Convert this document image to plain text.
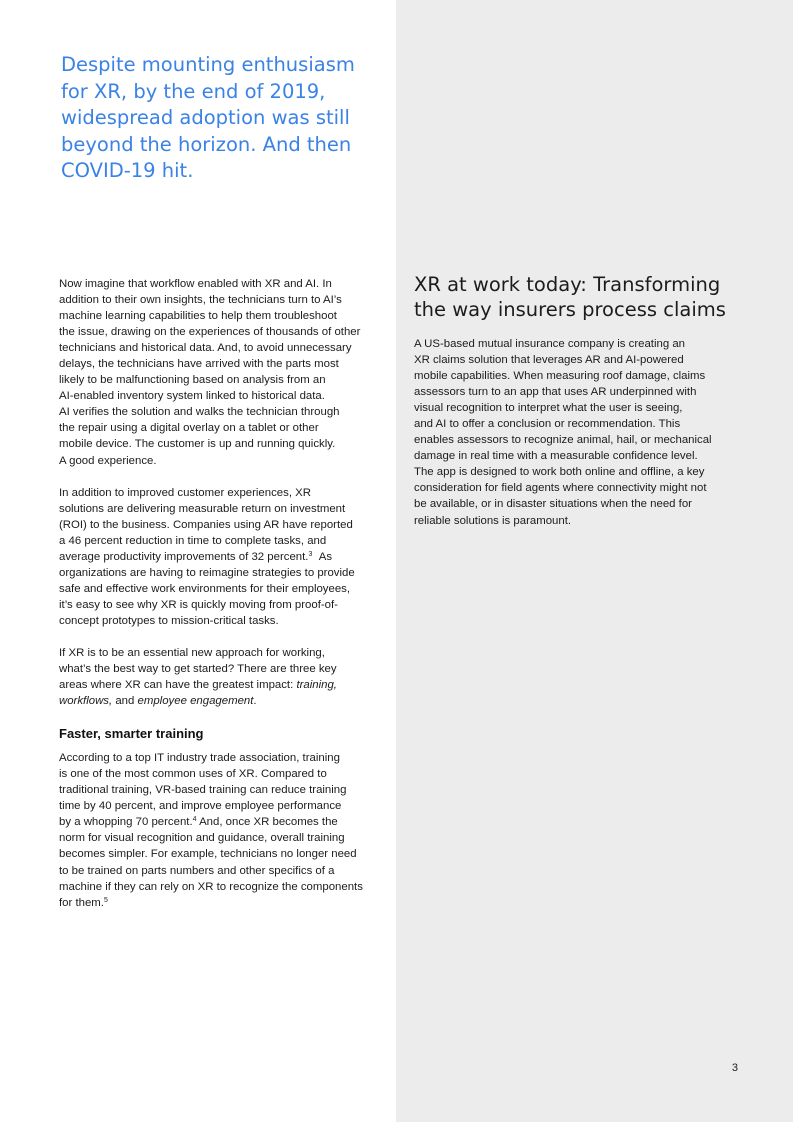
Despite mounting enthusiasm
for XR, by the end of 2019,
widespread adoption was still
beyond the horizon. And then
COVID-19 hit.

Now imagine that workflow enabled with XR and AI. In
addition to their own insights, the technicians turn to AI’s
machine learning capabilities to help them troubleshoot
the issue, drawing on the experiences of thousands of other
technicians and historical data. And, to avoid unnecessary
delays, the technicians have arrived with the parts most
likely to be malfunctioning based on analysis from an
AI-enabled inventory system linked to historical data.
AI verifies the solution and walks the technician through
the repair using a digital overlay on a tablet or other
mobile device. The customer is up and running quickly.
A good experience.

In addition to improved customer experiences, XR
solutions are delivering measurable return on investment
(ROI) to the business. Companies using AR have reported
a 46 percent reduction in time to complete tasks, and
average productivity improvements of 32 percent.$^3$ As
organizations are having to reimagine strategies to provide
safe and effective work environments for their employees,
it’s easy to see why XR is quickly moving from proof-of-
concept prototypes to mission-critical tasks.

If XR is to be an essential new approach for working,
what’s the best way to get started? There are three key
areas where XR can have the greatest impact: training,
workflows, and employee engagement.

Faster, smarter training

According to a top IT industry trade association, training
is one of the most common uses of XR. Compared to
traditional training, VR-based training can reduce training
time by 40 percent, and improve employee performance
by a whopping 70 percent.$^4$ And, once XR becomes the
norm for visual recognition and guidance, overall training
becomes simpler. For example, technicians no longer need
to be trained on parts numbers and other specifics of a
machine if they can rely on XR to recognize the components
for them.$^5$

XR at work today: Transforming
the way insurers process claims
A US-based mutual insurance company is creating an
XR claims solution that leverages AR and AI-powered
mobile capabilities. When measuring roof damage, claims
assessors turn to an app that uses AR underpinned with
visual recognition to interpret what the user is seeing,
and AI to offer a conclusion or recommendation. This
enables assessors to recognize animal, hail, or mechanical
damage in real time with a measurable confidence level.
The app is designed to work both online and offline, a key
consideration for field agents where connectivity might not
be available, or in disaster situations when the need for
reliable solutions is paramount.
3
